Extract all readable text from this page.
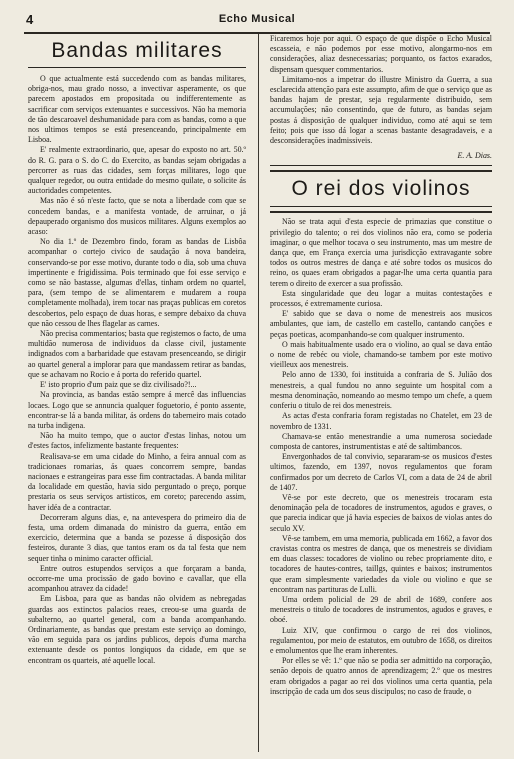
4	Echo Musical
Bandas militares

O que actualmente está succedendo com as bandas militares, obriga-nos, mau grado nosso, a invectivar asperamente, os que parecem apostados em propositada ou indifferentemente as sacrificar com serviços extenuantes e successivos. Não ha memoria de tão descaroavel deshumanidade para com as bandas, como a que nos ultimos tempos se está presenceando, principalmente em Lisboa.

E' realmente extraordinario, que, apesar do exposto no art. 50.º do R. G. para o S. do C. do Exercito, as bandas sejam obrigadas a percorrer as ruas das cidades, sem forças militares, logo que qualquer regedor, ou outra entidade do mesmo quilate, o solicite ás auctoridades competentes.

Mas não é só n'este facto, que se nota a liberdade com que se concedem bandas, e a manifesta vontade, de arruinar, o já depauperado organismo dos musicos militares. Alguns exemplos ao acaso:

No dia 1.º de Dezembro findo, foram as bandas de Lisbôa acompanhar o cortejo civico de saudação á nova bandeira, conservando-se por esse motivo, durante todo o dia, sob uma chuva impertinente e frigidissima. Pois terminado que foi esse serviço e como se não bastasse, algumas d'ellas, tinham ordem no quartel, para, (sem tempo de se alimentarem e mudarem a roupa completamente molhada), irem tocar nas praças publicas em coretos descobertos, pelo espaço de duas horas, e sempre debaixo da chuva que não cessou de lhes flagelar as carnes.

Não precisa commentarios; basta que registemos o facto, de uma multidão numerosa de individuos da classe civil, justamente indignados com a barbaridade que estavam presenceando, se dirigir ao quartel general a implorar para que mandassem retirar as bandas, que se achavam no Rocio e á porta do referido quartel.

E' isto proprio d'um paiz que se diz civilisado?!...

Na provincia, as bandas estão sempre á mercê das influencias locaes. Logo que se annuncia qualquer foguetorio, é ponto assente, encontrar-se lá a banda militar, ás ordens do taberneiro mais cotado na turba indigena.

Não ha muito tempo, que o auctor d'estas linhas, notou um d'estes factos, infelizmente bastante frequentes:

Realisava-se em uma cidade do Minho, a feira annual com as tradicionaes romarias, ás quaes concorrem sempre, bandas nacionaes e estrangeiras para esse fim contractadas. A banda militar da localidade em questão, havia sido perguntado o preço, porque prestaria os seus serviços artisticos, em coreto; parecendo assim, haver idéa de a contractar.

Decorreram alguns dias, e, na antevespera do primeiro dia de festa, uma ordem dimanada do ministro da guerra, então em exercicio, determina que a banda se pozesse á disposição dos festeiros, durante 3 dias, que tantos eram os da tal festa que nem sequer tinha o minimo caracter official.

Entre outros estupendos serviços a que forçaram a banda, occorre-me uma procissão de gado bovino e cavallar, que ella acompanhou atravez da cidade!

Em Lisboa, para que as bandas não olvidem as nebregadas guardas aos extinctos palacios reaes, creou-se uma guarda de subalterno, ao quartel general, com a banda acompanhando. Ordinariamente, as bandas que prestam este serviço ao domingo, vão em seguida para os jardins publicos, depois d'uma marcha extenuante desde os pontos longiquos da cidade, em que se encontram os quarteis, até aquelle local.

Ficaremos hoje por aqui. O espaço de que dispõe o Echo Musical escasseia, e não podemos por esse motivo, alongarmo-nos em considerações, aliaz desnecessarias; porquanto, os factos exarados, dispensam quesquer commentarios.

Limitamo-nos a impetrar do illustre Ministro da Guerra, a sua esclarecida attenção para este assumpto, afim de que o serviço que as bandas hajam de prestar, seja regularmente distribuido, sem accumulações; não consentindo, que de futuro, as bandas sejam postas á disposição de qualquer individuo, como até aqui se tem feito; pois que isso dá logar a scenas bastante desagradaveis, e a desconsiderações inadmissiveis.

E. A. Dias.
O rei dos violinos

Não se trata aqui d'esta especie de primazias que constitue o privilegio do talento; o rei dos violinos não era, como se poderia imaginar, o que melhor tocava o seu instrumento, mas um mestre de dança que, em França exercia uma jurisdicção extravagante sobre todos os outros mestres de dança e até sobre todos os musicos do reino, os quaes eram obrigados a pagar-lhe uma certa quantia para terem o direito de exercer a sua profissão.

Esta singularidade que deu logar a muitas contestações e processos, é extremamente curiosa.

E' sabido que se dava o nome de menestreis aos musicos ambulantes, que iam, de castello em castello, cantando canções e peças poeticas, acompanhando-se com qualquer instrumento.

O mais habitualmente usado era o violino, ao qual se dava então o nome de rebéc ou viole, chamando-se tambem por este motivo vieilleux aos menestreis.

Pelo anno de 1330, foi instituida a confraria de S. Julião dos menestreis, a qual fundou no anno seguinte um hospital com a mesma denominação, nomeando ao mesmo tempo um chefe, a quem conferiu o titulo de rei dos menestreis.

As actas d'esta confraria foram registadas no Chatelet, em 23 de novembro de 1331.

Chamava-se então menestrandie a uma numerosa sociedade composta de cantores, instrumentistas e até de saltimbancos.

Envergonhados de tal convivio, separaram-se os musicos d'estes ultimos, fazendo, em 1397, novos regulamentos que foram confirmados por um decreto de Carlos VI, com a data de 24 de abril de 1407.

Vê-se por este decreto, que os menestreis trocaram esta denominação pela de tocadores de instrumentos, agudos e graves, o que parecia indicar que já havia especies de baixos de violas antes do seculo XV.

Vê-se tambem, em uma memoria, publicada em 1662, a favor dos cravistas contra os mestres de dança, que os menestreis se dividiam em duas classes: tocadores de violino ou rebec propriamente dito, e tocadores de hautes-contres, taillgs, quintes e baixos; instrumentos que eram simplesmente variedades da viole ou violino e que se encontram nas partituras de Lulli.

Uma ordem policial de 29 de abril de 1689, confere aos menestreis o titulo de tocadores de instrumentos, agudos e graves, e oboé.

Luiz XIV, que confirmou o cargo de rei dos violinos, regulamentou, por meio de estatutos, em outubro de 1658, os direitos e emolumentos que lhe eram inherentes.

Por elles se vê: 1.º que não se podia ser admittido na corporação, senão depois de quatro annos de aprendizagem; 2.º que os mestres eram obrigados a pagar ao rei dos violinos uma certa quantia, pela inscripção de cada um dos seus discipulos; no caso de fraude, o
